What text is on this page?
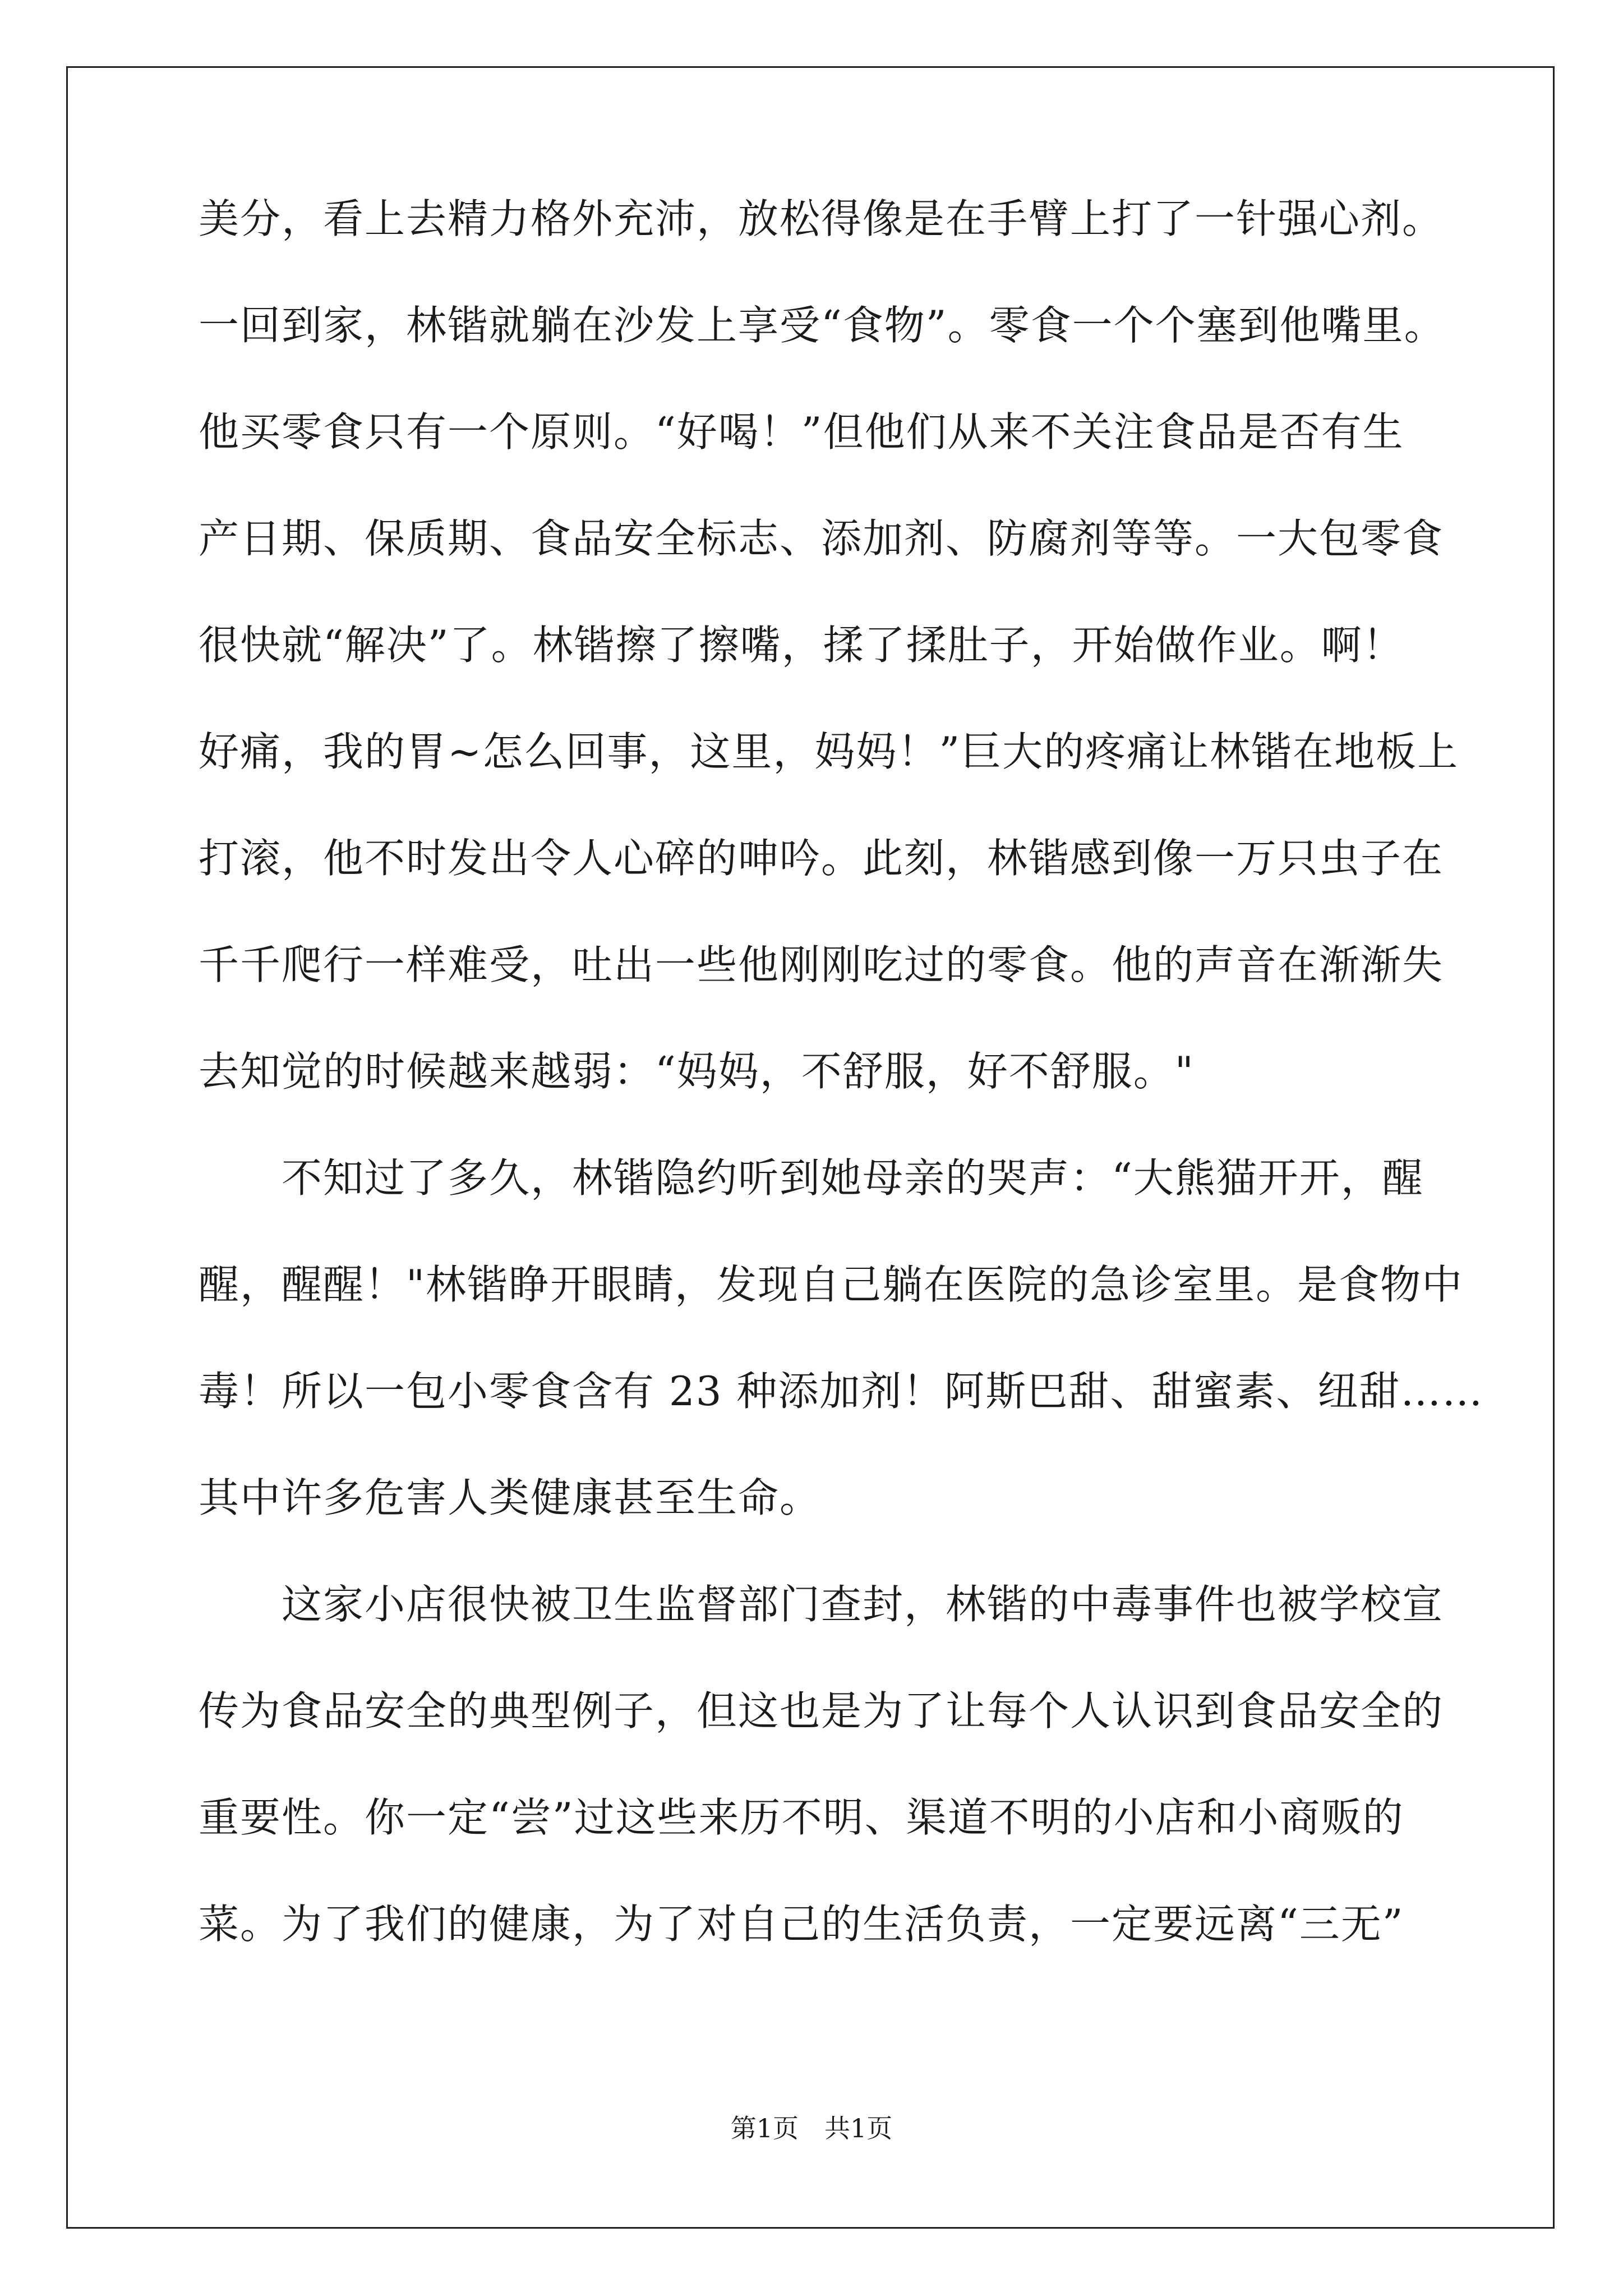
美分，看上去精力格外充沛，放松得像是在手臂上打了一针强心剂。
一回到家，林锴就躺在沙发上享受“食物”。零食一个个塞到他嘴里。
他买零食只有一个原则。“好喝！”但他们从来不关注食品是否有生
产日期、保质期、食品安全标志、添加剂、防腐剂等等。一大包零食
很快就“解决”了。林锴擦了擦嘴，揉了揉肚子，开始做作业。啊！
好痛，我的胃~怎么回事，这里，妈妈！”巨大的疼痛让林锴在地板上
打滚，他不时发出令人心碎的呻吟。此刻，林锴感到像一万只虫子在
千千爬行一样难受，吐出一些他刚刚吃过的零食。他的声音在渐渐失
去知觉的时候越来越弱：“妈妈，不舒服，好不舒服。"
　　不知过了多久，林锴隐约听到她母亲的哭声：“大熊猫开开，醒
醒，醒醒！"林锴睁开眼睛，发现自己躺在医院的急诊室里。是食物中
毒！所以一包小零食含有 23 种添加剂！阿斯巴甜、甜蜜素、纽甜……
其中许多危害人类健康甚至生命。
　　这家小店很快被卫生监督部门查封，林锴的中毒事件也被学校宣
传为食品安全的典型例子，但这也是为了让每个人认识到食品安全的
重要性。你一定“尝”过这些来历不明、渠道不明的小店和小商贩的
菜。为了我们的健康，为了对自己的生活负责，一定要远离“三无”
第1页　共1页
